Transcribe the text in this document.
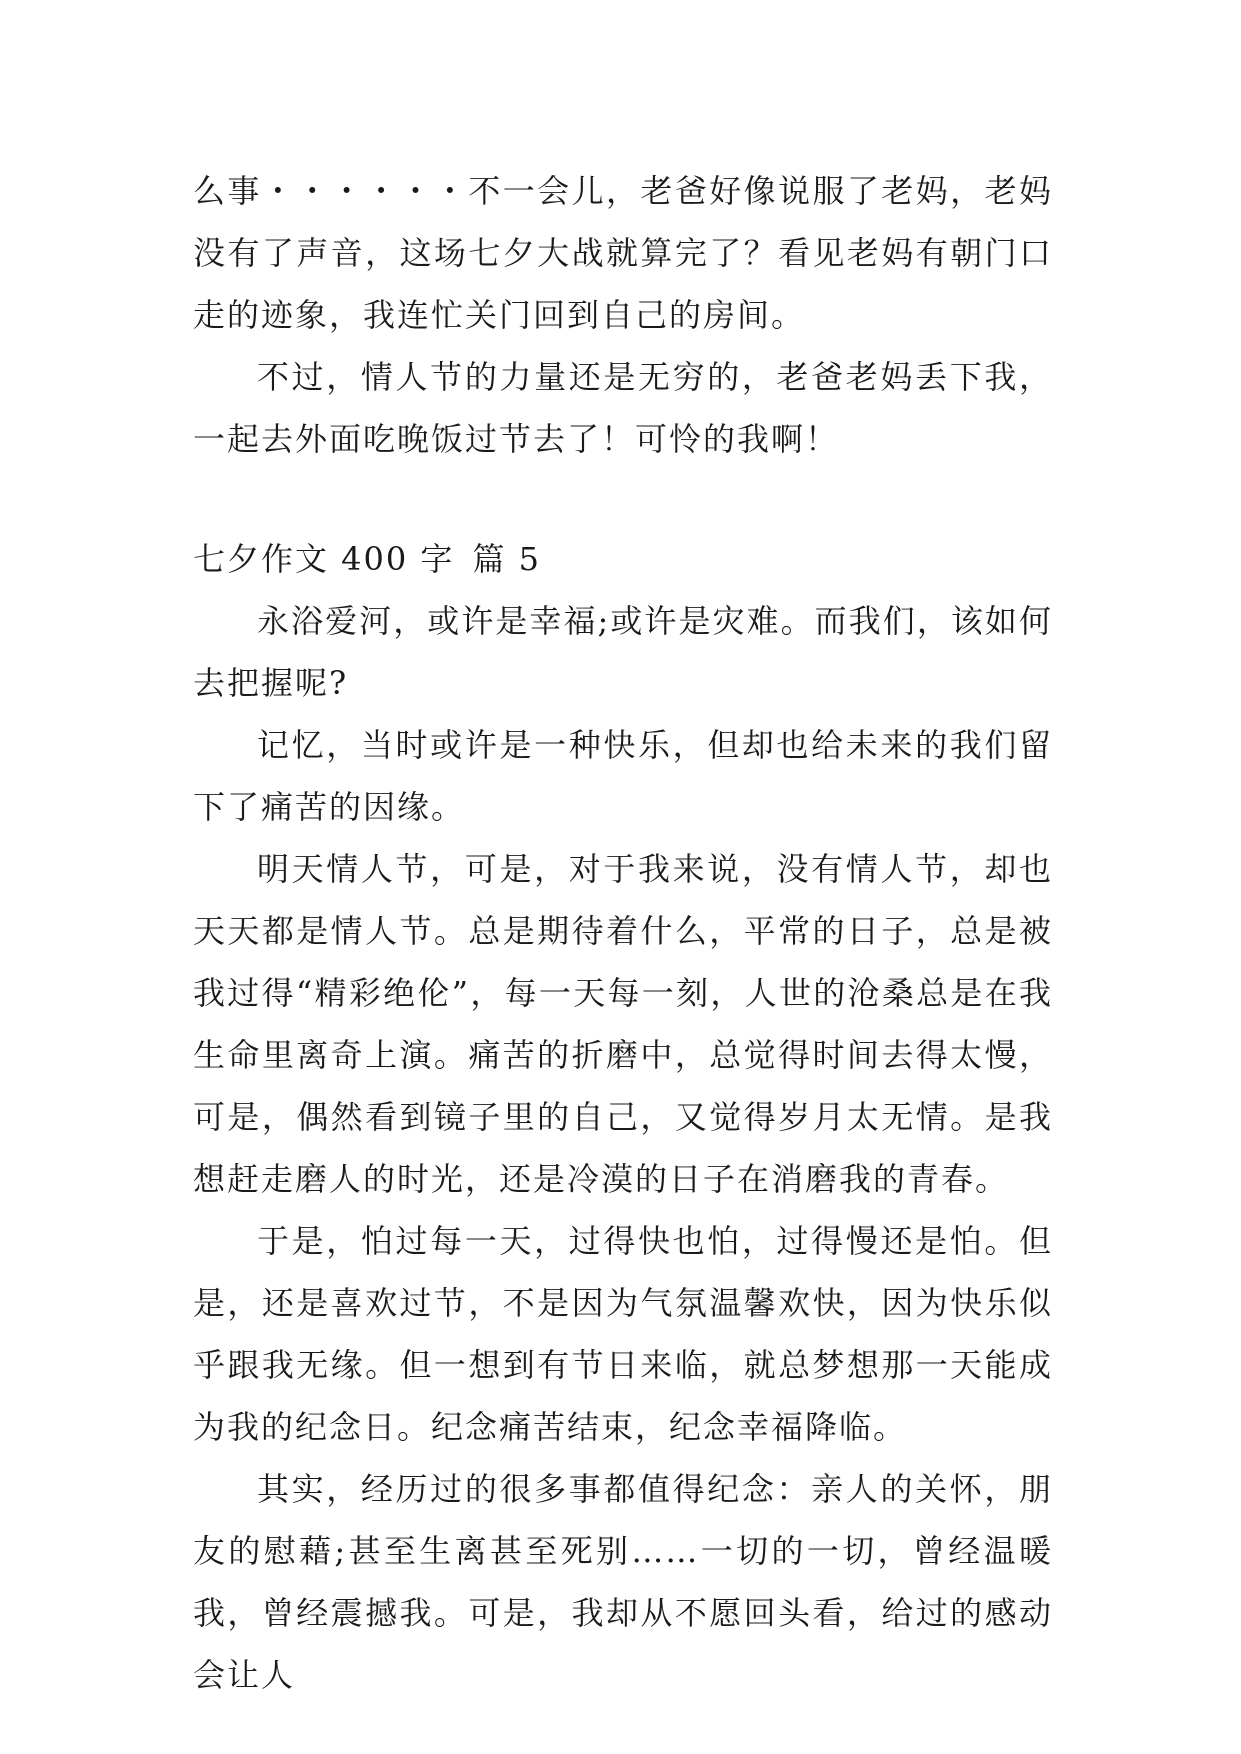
么事・・・・・・不一会儿，老爸好像说服了老妈，老妈没有了声音，这场七夕大战就算完了？看见老妈有朝门口走的迹象，我连忙关门回到自己的房间。

不过，情人节的力量还是无穷的，老爸老妈丢下我，一起去外面吃晚饭过节去了！可怜的我啊！

七夕作文 400 字 篇 5

永浴爱河，或许是幸福;或许是灾难。而我们，该如何去把握呢?

记忆，当时或许是一种快乐，但却也给未来的我们留下了痛苦的因缘。

明天情人节，可是，对于我来说，没有情人节，却也天天都是情人节。总是期待着什么，平常的日子，总是被我过得“精彩绝伦”，每一天每一刻，人世的沧桑总是在我生命里离奇上演。痛苦的折磨中，总觉得时间去得太慢，可是，偶然看到镜子里的自己，又觉得岁月太无情。是我想赶走磨人的时光，还是冷漠的日子在消磨我的青春。

于是，怕过每一天，过得快也怕，过得慢还是怕。但是，还是喜欢过节，不是因为气氛温馨欢快，因为快乐似乎跟我无缘。但一想到有节日来临，就总梦想那一天能成为我的纪念日。纪念痛苦结束，纪念幸福降临。

其实，经历过的很多事都值得纪念：亲人的关怀，朋友的慰藉;甚至生离甚至死别……一切的一切，曾经温暖我，曾经震撼我。可是，我却从不愿回头看，给过的感动会让人
